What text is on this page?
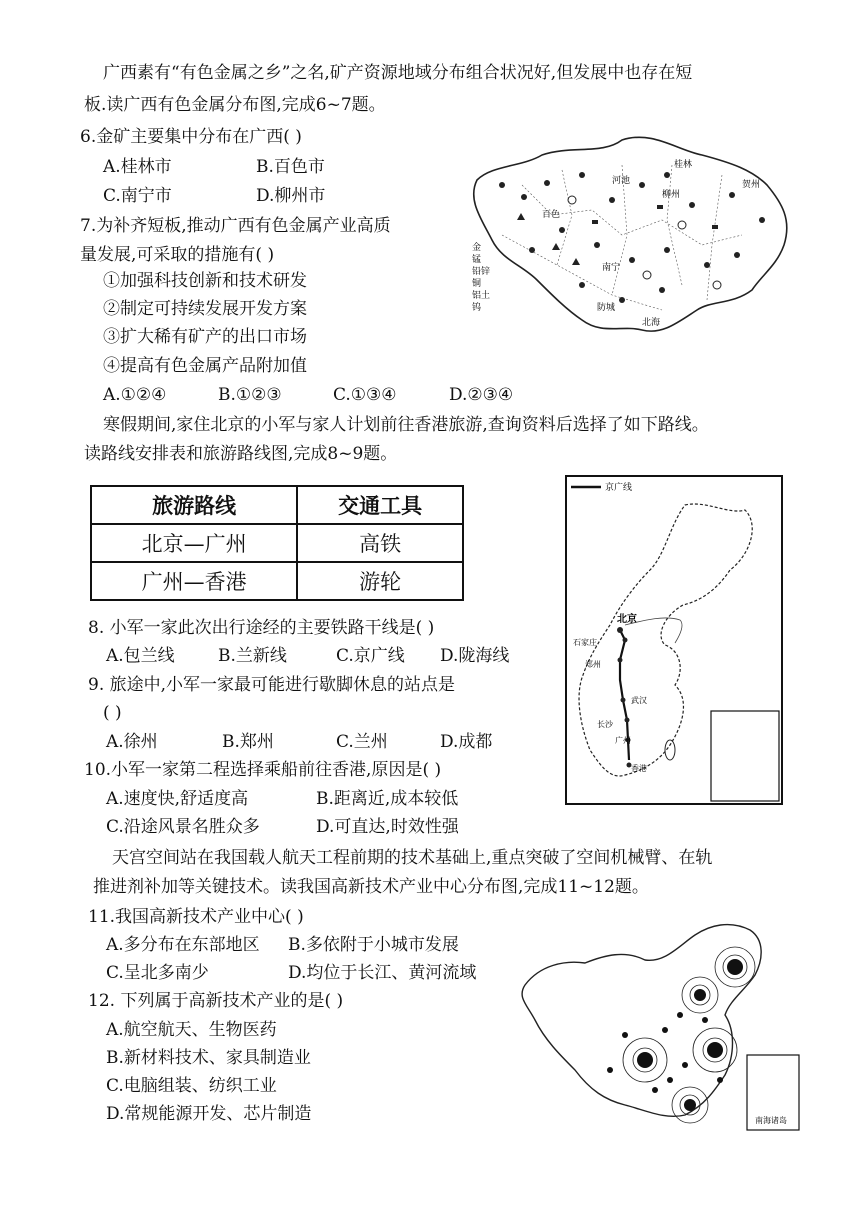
广西素有“有色金属之乡”之名,矿产资源地域分布组合状况好,但发展中也存在短
板.读广西有色金属分布图,完成6~7题。
6.金矿主要集中分布在广西( )
A.桂林市	B.百色市
C.南宁市	D.柳州市
7.为补齐短板,推动广西有色金属产业高质
量发展,可采取的措施有( )
①加强科技创新和技术研发
②制定可持续发展开发方案
③扩大稀有矿产的出口市场
④提高有色金属产品附加值
A.①②④	B.①②③	C.①③④	D.②③④
金
锰
铅锌
铜
铝土
钨
桂林
河池	贺州
柳州
百色
南宁
防城
北海
寒假期间,家住北京的小军与家人计划前往香港旅游,查询资料后选择了如下路线。
读路线安排表和旅游路线图,完成8~9题。
旅游路线	交通工具
北京—广州	高铁
广州—香港	游轮
京广线
北京
石家庄
郑州
武汉
长沙
广州
香港
8. 小军一家此次出行途经的主要铁路干线是( )
A.包兰线	B.兰新线	C.京广线 D.陇海线
9. 旅途中,小军一家最可能进行歇脚休息的站点是
( )
A.徐州	B.郑州	C.兰州	D.成都
10.小军一家第二程选择乘船前往香港,原因是( )
A.速度快,舒适度高	B.距离近,成本较低
C.沿途风景名胜众多	D.可直达,时效性强
天宫空间站在我国载人航天工程前期的技术基础上,重点突破了空间机械臂、在轨
推进剂补加等关键技术。读我国高新技术产业中心分布图,完成11~12题。
11.我国高新技术产业中心( )
A.多分布在东部地区 B.多依附于小城市发展
C.呈北多南少	D.均位于长江、黄河流域
12. 下列属于高新技术产业的是( )
A.航空航天、生物医药
B.新材料技术、家具制造业
C.电脑组装、纺织工业
D.常规能源开发、芯片制造	南海诸岛
